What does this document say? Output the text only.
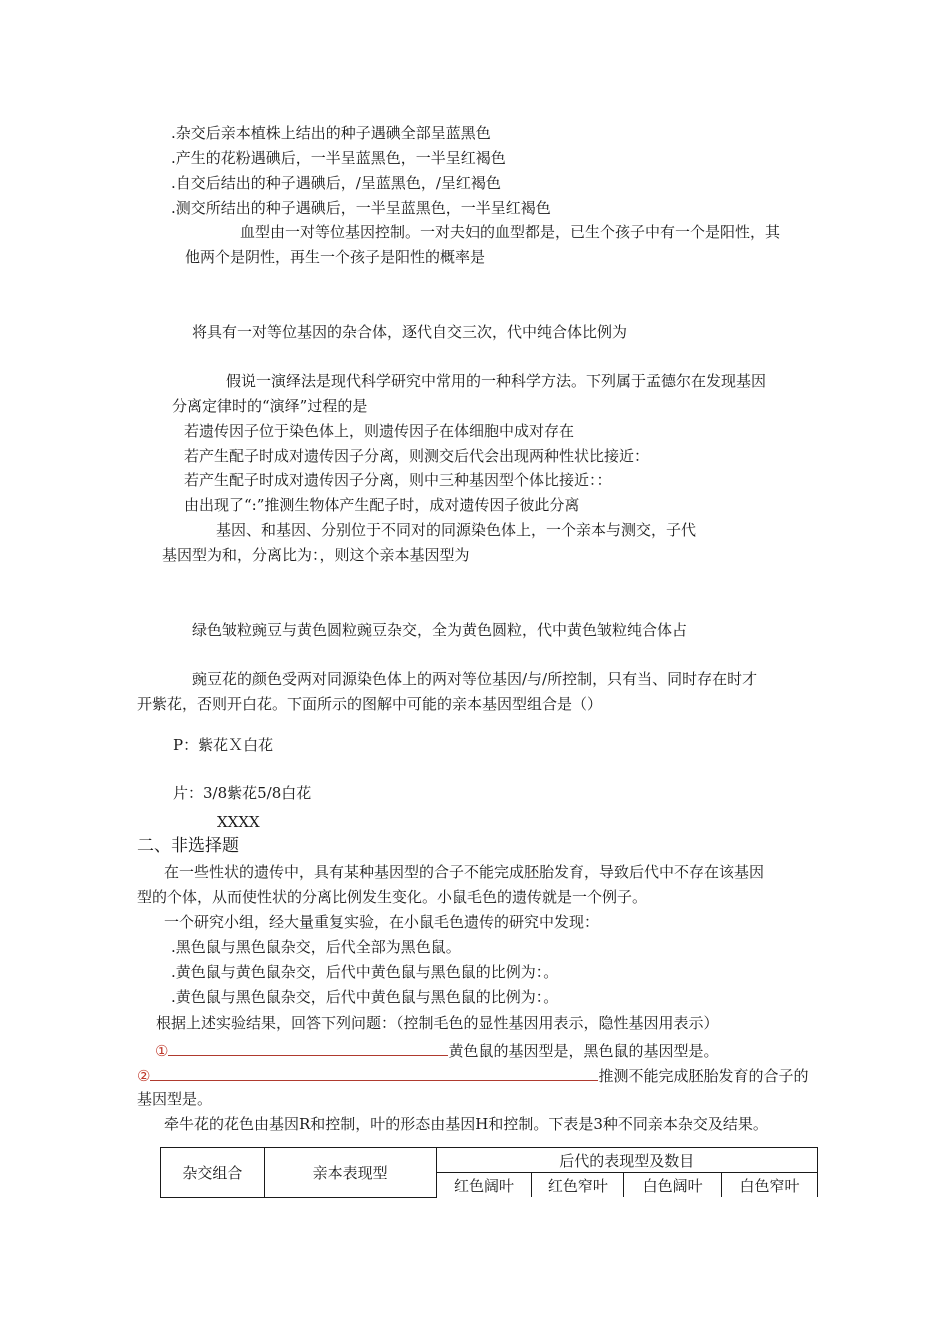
.杂交后亲本植株上结出的种子遇碘全部呈蓝黑色
.产生的花粉遇碘后，一半呈蓝黑色，一半呈红褐色
.自交后结出的种子遇碘后，/呈蓝黑色，/呈红褐色
.测交所结出的种子遇碘后，一半呈蓝黑色，一半呈红褐色
血型由一对等位基因控制。一对夫妇的血型都是，已生个孩子中有一个是阳性，其
他两个是阴性，再生一个孩子是阳性的概率是
将具有一对等位基因的杂合体，逐代自交三次，代中纯合体比例为
假说一演绎法是现代科学研究中常用的一种科学方法。下列属于孟德尔在发现基因
分离定律时的“演绎”过程的是
若遗传因子位于染色体上，则遗传因子在体细胞中成对存在
若产生配子时成对遗传因子分离，则测交后代会出现两种性状比接近：
若产生配子时成对遗传因子分离，则中三种基因型个体比接近：：
由出现了“:”推测生物体产生配子时，成对遗传因子彼此分离
基因、和基因、分别位于不同对的同源染色体上，一个亲本与测交，子代
基因型为和，分离比为：，则这个亲本基因型为
绿色皱粒豌豆与黄色圆粒豌豆杂交，全为黄色圆粒，代中黄色皱粒纯合体占
豌豆花的颜色受两对同源染色体上的两对等位基因/与/所控制，只有当、同时存在时才
开紫花，否则开白花。下面所示的图解中可能的亲本基因型组合是（）
P：紫花Ｘ白花
片：3/8紫花5/8白花
XXXX
二、非选择题
在一些性状的遗传中，具有某种基因型的合子不能完成胚胎发育，导致后代中不存在该基因
型的个体，从而使性状的分离比例发生变化。小鼠毛色的遗传就是一个例子。
一个研究小组，经大量重复实验，在小鼠毛色遗传的研究中发现：
.黑色鼠与黑色鼠杂交，后代全部为黑色鼠。
.黄色鼠与黄色鼠杂交，后代中黄色鼠与黑色鼠的比例为：。
.黄色鼠与黑色鼠杂交，后代中黄色鼠与黑色鼠的比例为：。
根据上述实验结果，回答下列问题：（控制毛色的显性基因用表示，隐性基因用表示）
①	黄色鼠的基因型是，黑色鼠的基因型是。
②	推测不能完成胚胎发育的合子的
基因型是。
牵牛花的花色由基因R和控制，叶的形态由基因H和控制。下表是3种不同亲本杂交及结果。
杂交组合	亲本表现型	后代的表现型及数目			
		红色阔叶	红色窄叶	白色阔叶	白色窄叶
